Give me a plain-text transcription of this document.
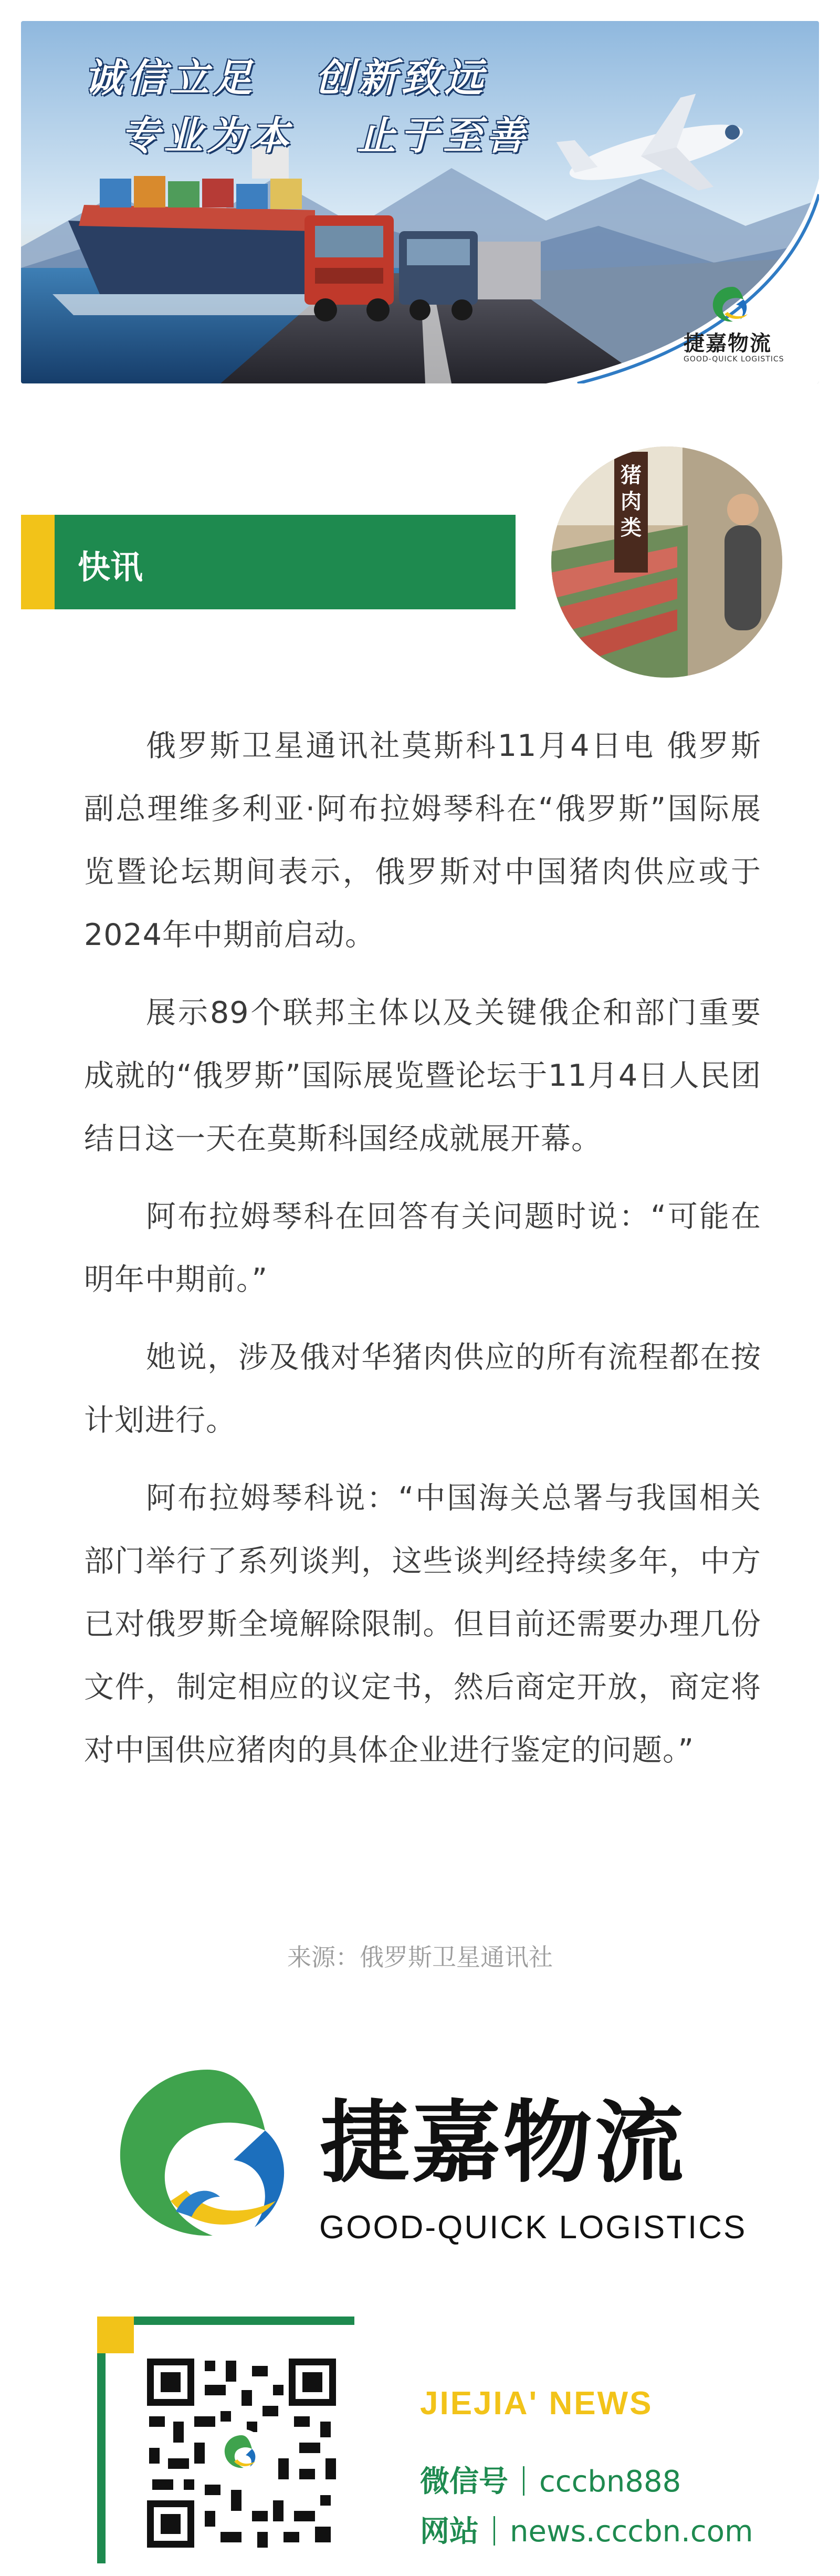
诚信立足 创新致远
专业为本 止于至善
捷嘉物流
GOOD-QUICK LOGISTICS
快讯
猪肉类

俄罗斯卫星通讯社莫斯科11月4日电 俄罗斯副总理维多利亚·阿布拉姆琴科在“俄罗斯”国际展览暨论坛期间表示，俄罗斯对中国猪肉供应或于2024年中期前启动。

展示89个联邦主体以及关键俄企和部门重要成就的“俄罗斯”国际展览暨论坛于11月4日人民团结日这一天在莫斯科国经成就展开幕。

阿布拉姆琴科在回答有关问题时说：“可能在明年中期前。”

她说，涉及俄对华猪肉供应的所有流程都在按计划进行。

阿布拉姆琴科说：“中国海关总署与我国相关部门举行了系列谈判，这些谈判经持续多年，中方已对俄罗斯全境解除限制。但目前还需要办理几份文件，制定相应的议定书，然后商定开放，商定将对中国供应猪肉的具体企业进行鉴定的问题。”

来源：俄罗斯卫星通讯社
捷嘉物流
GOOD-QUICK LOGISTICS
JIEJIA' NEWS
微信号 cccbn888
网站 news.cccbn.com
